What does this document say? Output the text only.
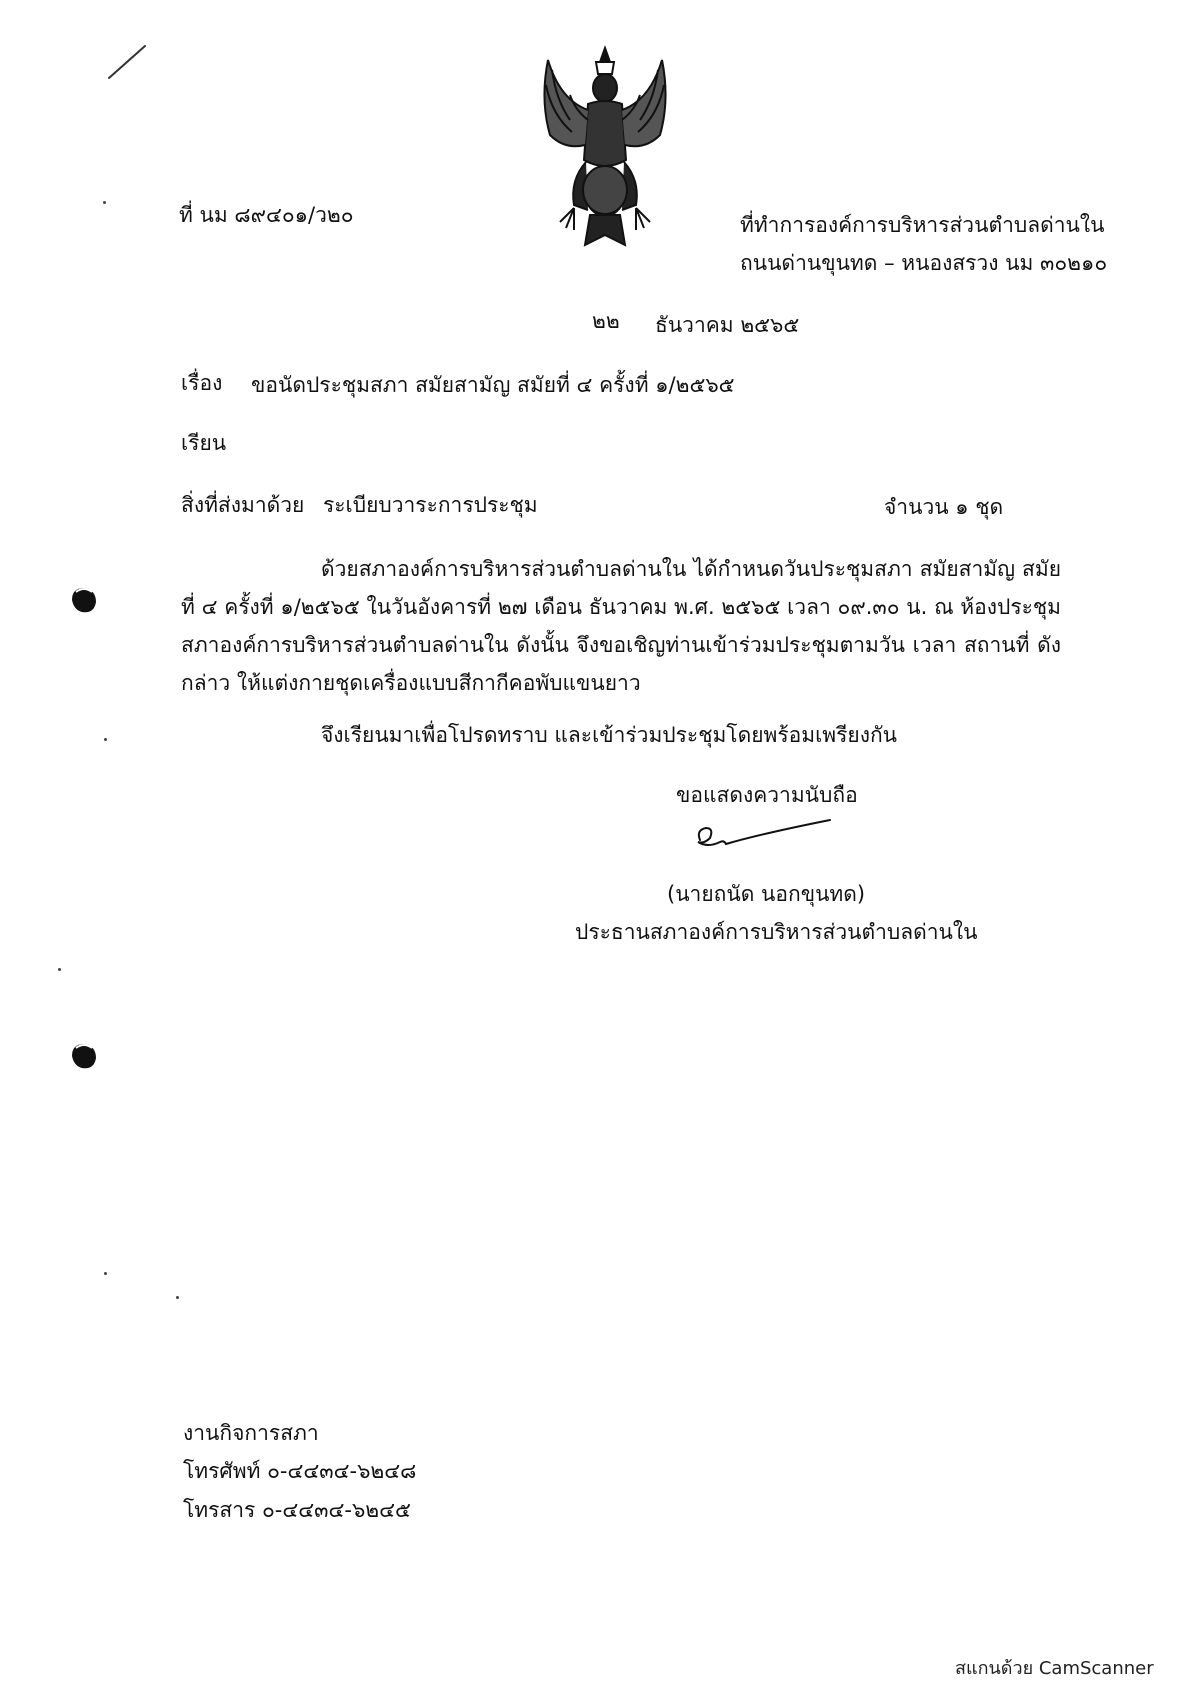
ที่ นม ๘๙๔๐๑/ว๒๐	ที่ทำการองค์การบริหารส่วนตำบลด่านใน
ถนนด่านขุนทด – หนองสรวง นม ๓๐๒๑๐
๒๒ ธันวาคม ๒๕๖๕
เรื่อง ขอนัดประชุมสภา สมัยสามัญ สมัยที่ ๔ ครั้งที่ ๑/๒๕๖๕
เรียน
สิ่งที่ส่งมาด้วย ระเบียบวาระการประชุม	จำนวน ๑ ชุด
ด้วยสภาองค์การบริหารส่วนตำบลด่านใน ได้กำหนดวันประชุมสภา สมัยสามัญ สมัยที่ ๔ ครั้งที่ ๑/๒๕๖๕ ในวันอังคารที่ ๒๗ เดือน ธันวาคม พ.ศ. ๒๕๖๕ เวลา ๐๙.๓๐ น. ณ ห้องประชุมสภาองค์การบริหารส่วนตำบลด่านใน ดังนั้น จึงขอเชิญท่านเข้าร่วมประชุมตามวัน เวลา สถานที่ ดังกล่าว ให้แต่งกายชุดเครื่องแบบสีกากีคอพับแขนยาว
จึงเรียนมาเพื่อโปรดทราบ และเข้าร่วมประชุมโดยพร้อมเพรียงกัน
ขอแสดงความนับถือ
(นายถนัด นอกขุนทด)
ประธานสภาองค์การบริหารส่วนตำบลด่านใน
งานกิจการสภา
โทรศัพท์ ๐-๔๔๓๔-๖๒๔๘
โทรสาร ๐-๔๔๓๔-๖๒๔๕
สแกนด้วย CamScanner
